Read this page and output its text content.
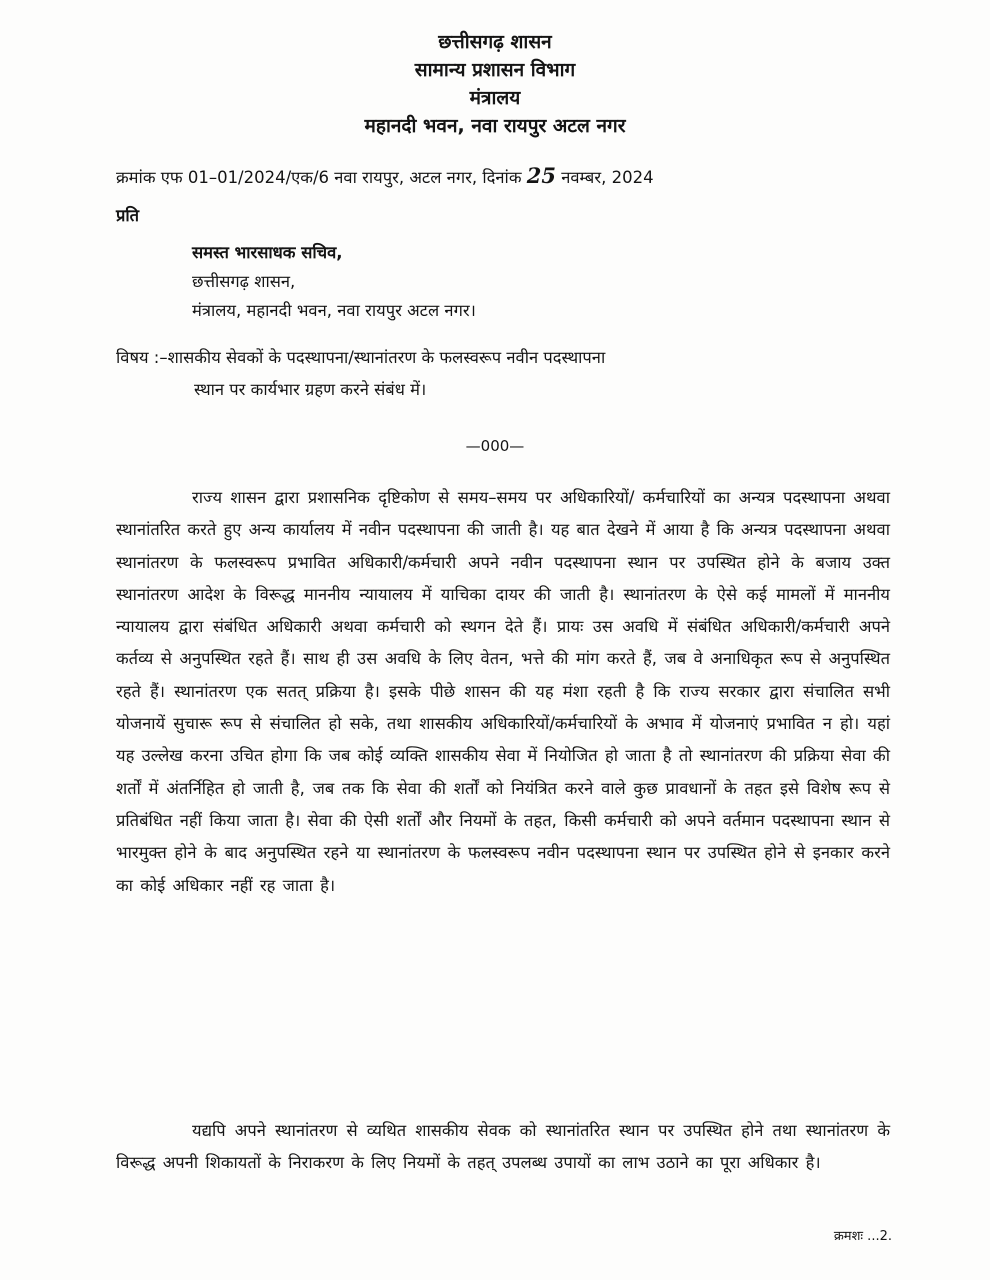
छत्तीसगढ़ शासन
सामान्य प्रशासन विभाग
मंत्रालय
महानदी भवन, नवा रायपुर अटल नगर
क्रमांक एफ 01–01/2024/एक/6 नवा रायपुर, अटल नगर, दिनांक 25 नवम्बर, 2024
प्रति
समस्त भारसाधक सचिव,
छत्तीसगढ़ शासन,
मंत्रालय, महानदी भवन, नवा रायपुर अटल नगर।
विषय :–शासकीय सेवकों के पदस्थापना/स्थानांतरण के फलस्वरूप नवीन पदस्थापना
स्थान पर कार्यभार ग्रहण करने संबंध में।
—000—
राज्य शासन द्वारा प्रशासनिक दृष्टिकोण से समय–समय पर अधिकारियों/ कर्मचारियों का अन्यत्र पदस्थापना अथवा स्थानांतरित करते हुए अन्य कार्यालय में नवीन पदस्थापना की जाती है। यह बात देखने में आया है कि अन्यत्र पदस्थापना अथवा स्थानांतरण के फलस्वरूप प्रभावित अधिकारी/कर्मचारी अपने नवीन पदस्थापना स्थान पर उपस्थित होने के बजाय उक्त स्थानांतरण आदेश के विरूद्ध माननीय न्यायालय में याचिका दायर की जाती है। स्थानांतरण के ऐसे कई मामलों में माननीय न्यायालय द्वारा संबंधित अधिकारी अथवा कर्मचारी को स्थगन देते हैं। प्रायः उस अवधि में संबंधित अधिकारी/कर्मचारी अपने कर्तव्य से अनुपस्थित रहते हैं। साथ ही उस अवधि के लिए वेतन, भत्ते की मांग करते हैं, जब वे अनाधिकृत रूप से अनुपस्थित रहते हैं। स्थानांतरण एक सतत् प्रक्रिया है। इसके पीछे शासन की यह मंशा रहती है कि राज्य सरकार द्वारा संचालित सभी योजनायें सुचारू रूप से संचालित हो सके, तथा शासकीय अधिकारियों/कर्मचारियों के अभाव में योजनाएं प्रभावित न हो। यहां यह उल्लेख करना उचित होगा कि जब कोई व्यक्ति शासकीय सेवा में नियोजित हो जाता है तो स्थानांतरण की प्रक्रिया सेवा की शर्तों में अंतर्निहित हो जाती है, जब तक कि सेवा की शर्तों को नियंत्रित करने वाले कुछ प्रावधानों के तहत इसे विशेष रूप से प्रतिबंधित नहीं किया जाता है। सेवा की ऐसी शर्तों और नियमों के तहत, किसी कर्मचारी को अपने वर्तमान पदस्थापना स्थान से भारमुक्त होने के बाद अनुपस्थित रहने या स्थानांतरण के फलस्वरूप नवीन पदस्थापना स्थान पर उपस्थित होने से इनकार करने का कोई अधिकार नहीं रह जाता है।
यद्यपि अपने स्थानांतरण से व्यथित शासकीय सेवक को स्थानांतरित स्थान पर उपस्थित होने तथा स्थानांतरण के विरूद्ध अपनी शिकायतों के निराकरण के लिए नियमों के तहत् उपलब्ध उपायों का लाभ उठाने का पूरा अधिकार है।
क्रमशः ...2.
